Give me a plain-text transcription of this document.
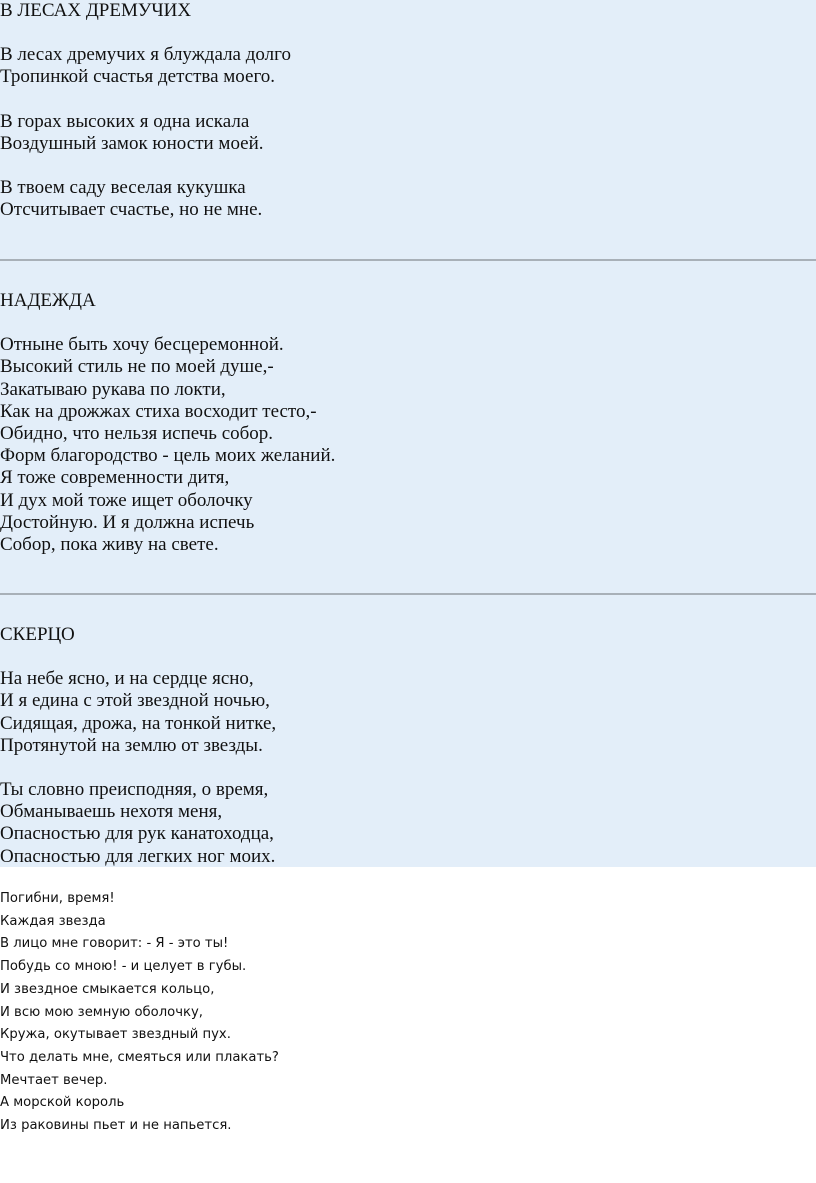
В ЛЕСАХ ДРЕМУЧИХ
В лесах дремучих я блуждала долго
Тропинкой счастья детства моего.
В горах высоких я одна искала
Воздушный замок юности моей.
В твоем саду веселая кукушка
Отсчитывает счастье, но не мне.
НАДЕЖДА
Отныне быть хочу бесцеремонной.
Высокий стиль не по моей душе,-
Закатываю рукава по локти,
Как на дрожжах стиха восходит тесто,-
Обидно, что нельзя испечь собор.
Форм благородство - цель моих желаний.
Я тоже современности дитя,
И дух мой тоже ищет оболочку
Достойную. И я должна испечь
Собор, пока живу на свете.
СКЕРЦО
На небе ясно, и на сердце ясно,
И я едина с этой звездной ночью,
Сидящая, дрожа, на тонкой нитке,
Протянутой на землю от звезды.
Ты словно преисподняя, о время,
Обманываешь нехотя меня,
Опасностью для рук канатоходца,
Опасностью для легких ног моих.
Погибни, время!
Каждая звезда
В лицо мне говорит: - Я - это ты!
Побудь со мною! - и целует в губы.
И звездное смыкается кольцо,
И всю мою земную оболочку,
Кружа, окутывает звездный пух.
Что делать мне, смеяться или плакать?
Мечтает вечер.
А морской король
Из раковины пьет и не напьется.
